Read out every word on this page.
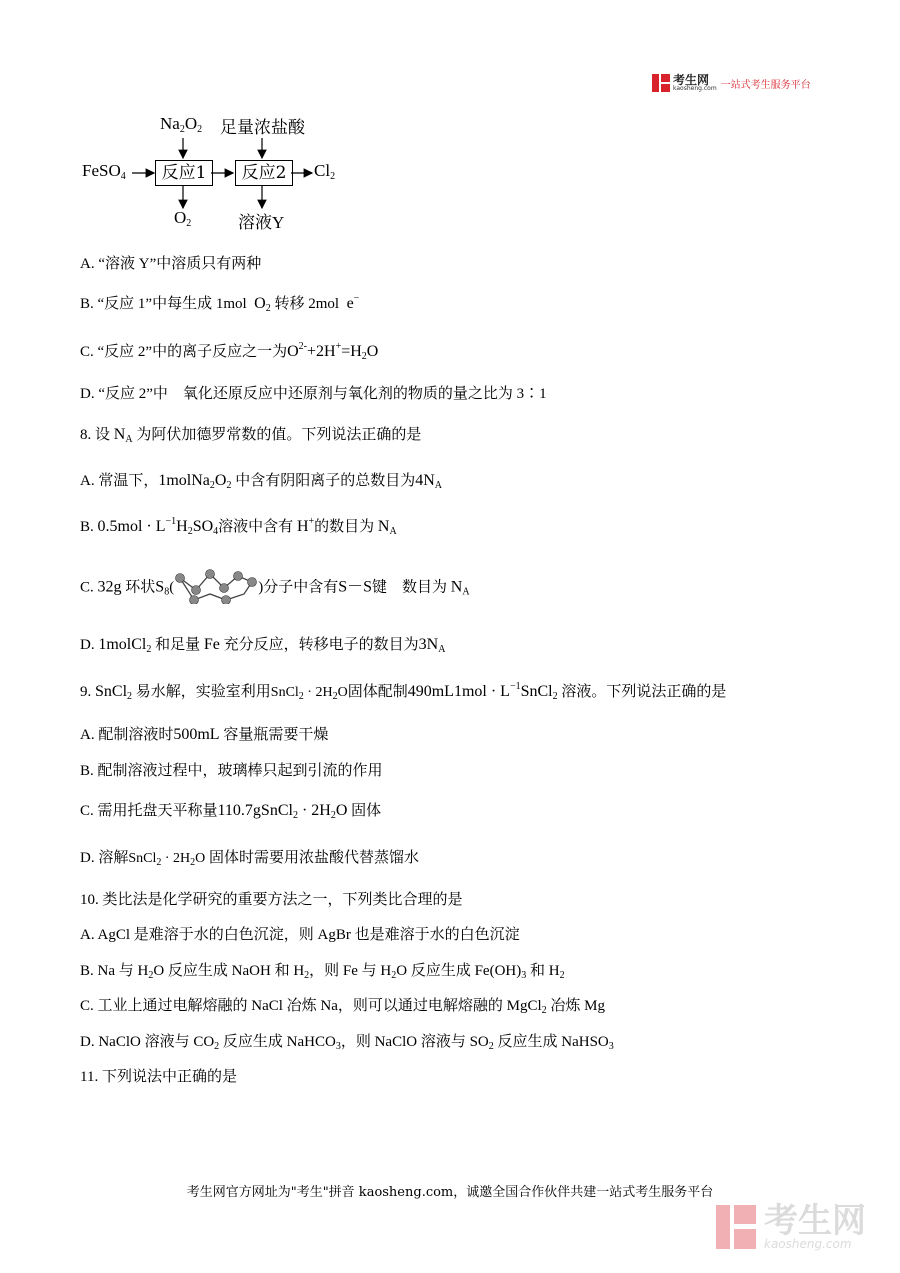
考生网
kaosheng.com 一站式考生服务平台
FeSO$_4$
$Na_2O_2$ 足量浓盐酸
反应1	反应2	$Cl_2$
$O_2$	溶液Y
A. “溶液 Y”中溶质只有两种
B. “反应 1”中每生成 1mol $O_2$ 转移 2mol e−
C. “反应 2”中的离子反应之一为$O^{2-}+2H^+=H_2O$
D. “反应 2”中　氧化还原反应中还原剂与氧化剂的物质的量之比为 3∶1
8. 设 $N_A$ 为阿伏加德罗常数的值。下列说法正确的是
A. 常温下，$1molNa_2O_2$ 中含有阴阳离子的总数目为$4N_A$
B. $0.5mol \cdot L^{-1}H_2SO_4$溶液中含有 H+的数目为 $N_A$
C. 32g 环状$S_8$(	)分子中含有S－S键　数目为 $N_A$
D. 1molCl$_2$ 和足量 Fe 充分反应，转移电子的数目为$3N_A$
9. SnCl$_2$ 易水解，实验室利用SnCl$_2$ · $2H_2O$固体配制$490mL1mol \cdot L^{-1}SnCl_2$ 溶液。下列说法正确的是
A. 配制溶液时500mL 容量瓶需要干燥
B. 配制溶液过程中，玻璃棒只起到引流的作用
C. 需用托盘天平称量110.7gSnCl$_2$ · $2H_2O$ 固体
D. 溶解SnCl$_2$ · $2H_2O$ 固体时需要用浓盐酸代替蒸馏水
10. 类比法是化学研究的重要方法之一，下列类比合理的是
A. AgCl 是难溶于水的白色沉淀，则 AgBr 也是难溶于水的白色沉淀
B. Na 与 $H_2O$ 反应生成 NaOH 和 $H_2$，则 Fe 与 $H_2O$ 反应生成 $Fe(OH)_3$ 和 $H_2$
C. 工业上通过电解熔融的 NaCl 冶炼 Na，则可以通过电解熔融的 MgCl$_2$ 冶炼 Mg
D. NaClO 溶液与 $CO_2$ 反应生成 NaHCO$_3$，则 NaClO 溶液与 $SO_2$ 反应生成 NaHSO$_3$
11. 下列说法中正确的是
考生网官方网址为"考生"拼音 kaosheng.com，诚邀全国合作伙伴共建一站式考生服务平台
考生网
kaosheng.com
